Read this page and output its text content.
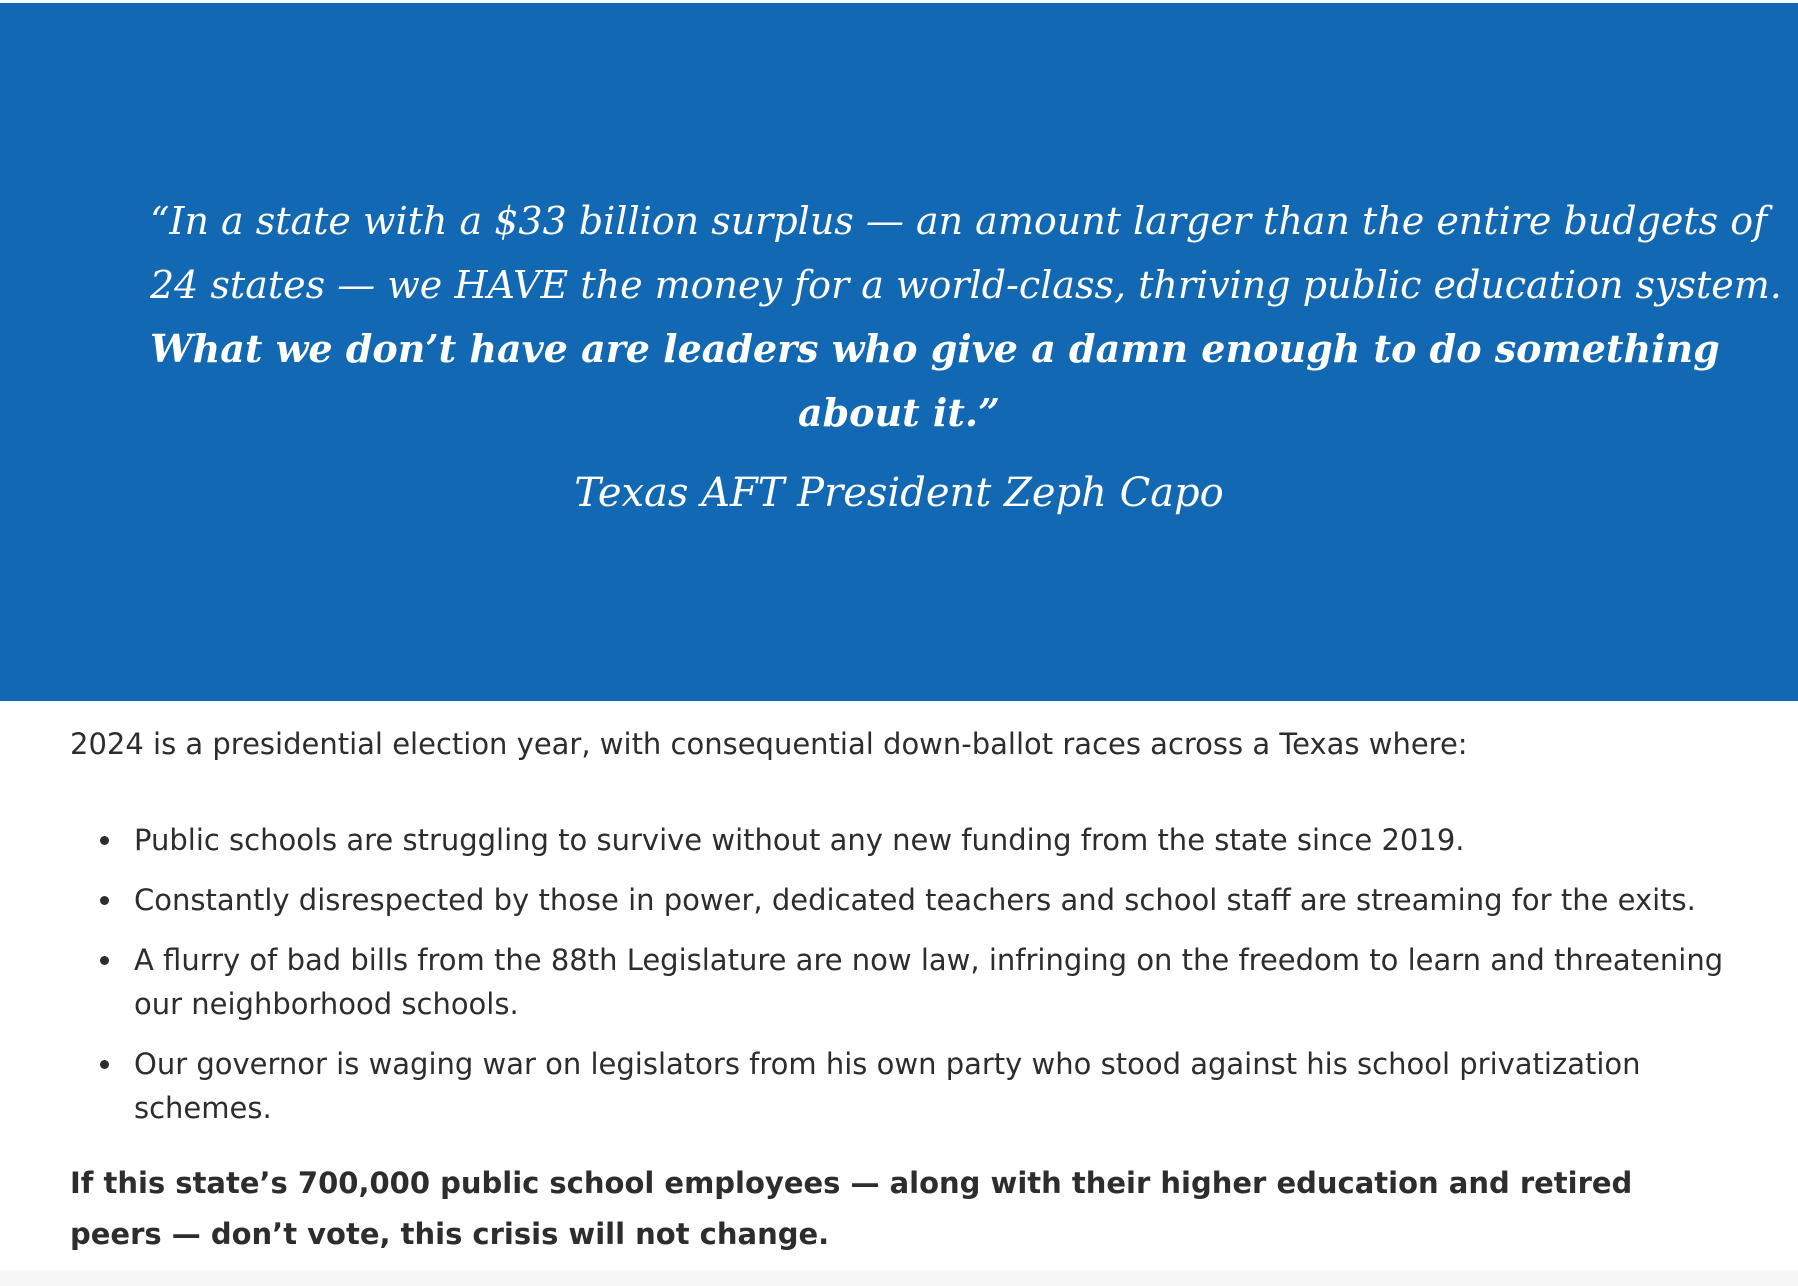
“In a state with a $33 billion surplus — an amount larger than the entire budgets of
24 states — we HAVE the money for a world-class, thriving public education system.
What we don’t have are leaders who give a damn enough to do something
about it.”
Texas AFT President Zeph Capo

2024 is a presidential election year, with consequential down-ballot races across a Texas where:

Public schools are struggling to survive without any new funding from the state since 2019.
Constantly disrespected by those in power, dedicated teachers and school staff are streaming for the exits.
A flurry of bad bills from the 88th Legislature are now law, infringing on the freedom to learn and threatening our neighborhood schools.
Our governor is waging war on legislators from his own party who stood against his school privatization schemes.

If this state’s 700,000 public school employees — along with their higher education and retired peers — don’t vote, this crisis will not change.
